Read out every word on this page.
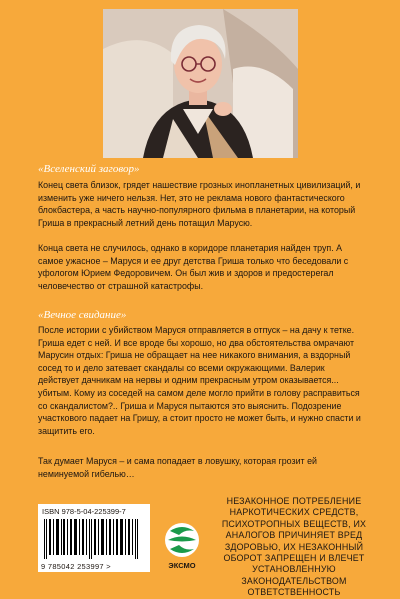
«Вселенский заговор»

Конец света близок, грядет нашествие грозных инопланетных цивилизаций, и изменить уже ничего нельзя. Нет, это не реклама нового фантастического блокбастера, а часть научно-популярного фильма в планетарии, на который Гриша в прекрасный летний день потащил Марусю.

Конца света не случилось, однако в коридоре планетария найден труп. А самое ужасное – Маруся и ее друг детства Гриша только что беседовали с уфологом Юрием Федоровичем. Он был жив и здоров и предостерегал человечество от страшной катастрофы.

«Вечное свидание»

После истории с убийством Маруся отправляется в отпуск – на дачу к тетке. Гриша едет с ней. И все вроде бы хорошо, но два обстоятельства омрачают Марусин отдых: Гриша не обращает на нее никакого внимания, а вздорный сосед то и дело затевает скандалы со всеми окружающими. Валерик действует дачникам на нервы и одним прекрасным утром оказывается... убитым. Кому из соседей на самом деле могло прийти в голову расправиться со скандалистом?.. Гриша и Маруся пытаются это выяснить. Подозрение участкового падает на Гришу, а стоит просто не может быть, и нужно спасти и защитить его.

Так думает Маруся – и сама попадает в ловушку, которая грозит ей неминуемой гибелью…

НЕЗАКОННОЕ ПОТРЕБЛЕНИЕ НАРКОТИЧЕСКИХ СРЕДСТВ, ПСИХОТРОПНЫХ ВЕЩЕСТВ, ИХ АНАЛОГОВ ПРИЧИНЯЕТ ВРЕД ЗДОРОВЬЮ, ИХ НЕЗАКОННЫЙ ОБОРОТ ЗАПРЕЩЕН И ВЛЕЧЕТ УСТАНОВЛЕННУЮ ЗАКОНОДАТЕЛЬСТВОМ ОТВЕТСТВЕННОСТЬ
ISBN 978-5-04-225399-7
9 785042 253997 >	ЭКСМО
